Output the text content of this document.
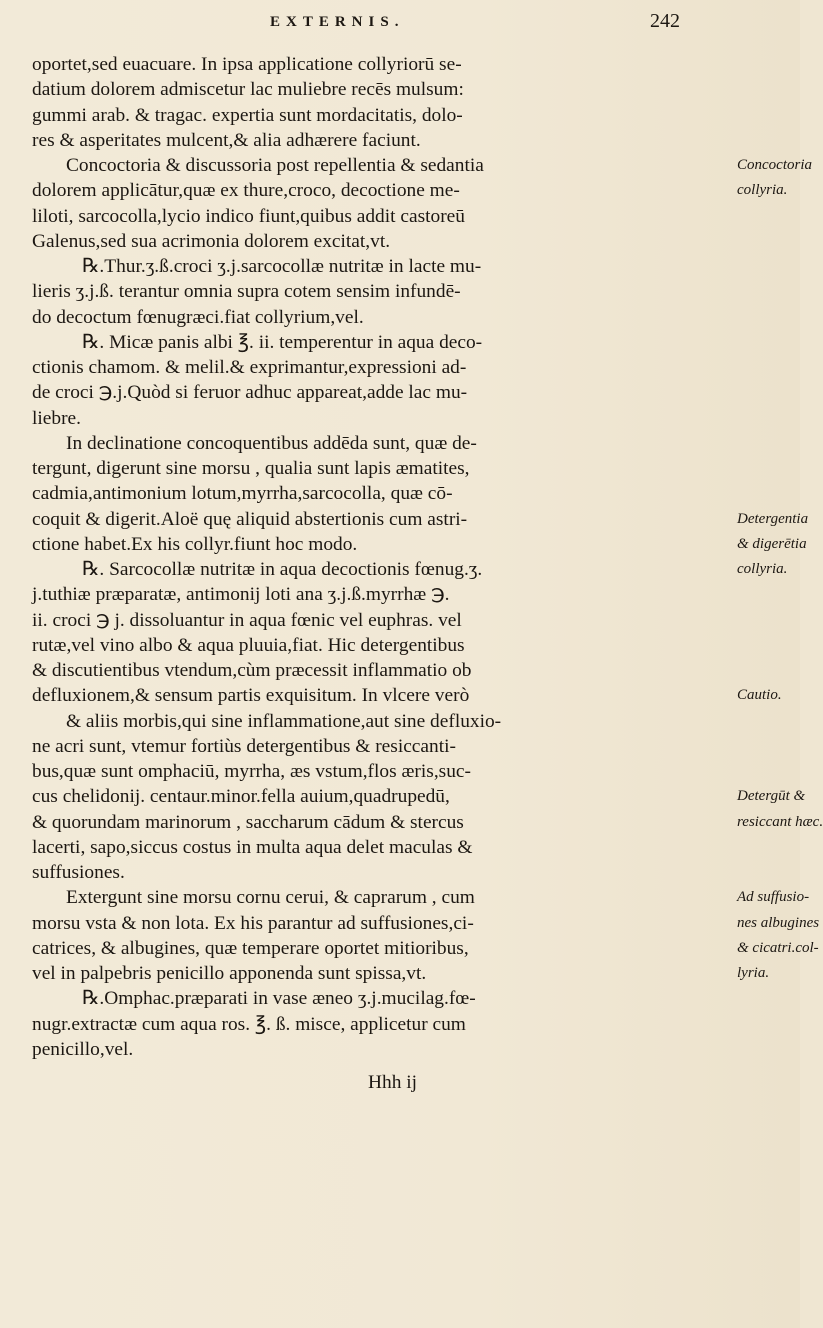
EXTERNIS.	242
oportet,sed euacuare. In ipsa applicatione collyriorū se-
datium dolorem admiscetur lac muliebre recēs mulsum:
gummi arab. & tragac. expertia sunt mordacitatis, dolo-
res & asperitates mulcent,& alia adhærere faciunt.
Concoctoria & discussoria post repellentia & sedantia
dolorem applicātur,quæ ex thure,croco, decoctione me-
liloti, sarcocolla,lycio indico fiunt,quibus addit castoreū
Galenus,sed sua acrimonia dolorem excitat,vt.
℞.Thur.ʒ.ß.croci ʒ.j.sarcocollæ nutritæ in lacte mu-
lieris ʒ.j.ß. terantur omnia supra cotem sensim infundē-
do decoctum fœnugræci.fiat collyrium,vel.
℞. Micæ panis albi ℥. ii. temperentur in aqua deco-
ctionis chamom. & melil.& exprimantur,expressioni ad-
de croci ℈.j.Quòd si feruor adhuc appareat,adde lac mu-
liebre.
In declinatione concoquentibus addēda sunt, quæ de-
tergunt, digerunt sine morsu , qualia sunt lapis æmatites,
cadmia,antimonium lotum,myrrha,sarcocolla, quæ cō-
coquit & digerit.Aloë quę aliquid abstertionis cum astri-
ctione habet.Ex his collyr.fiunt hoc modo.
℞. Sarcocollæ nutritæ in aqua decoctionis fœnug.ʒ.
j.tuthiæ præparatæ, antimonij loti ana ʒ.j.ß.myrrhæ ℈.
ii. croci ℈ j. dissoluantur in aqua fœnic vel euphras. vel
rutæ,vel vino albo & aqua pluuia,fiat. Hic detergentibus
& discutientibus vtendum,cùm præcessit inflammatio ob
defluxionem,& sensum partis exquisitum. In vlcere verò
& aliis morbis,qui sine inflammatione,aut sine defluxio-
ne acri sunt, vtemur fortiùs detergentibus & resiccanti-
bus,quæ sunt omphaciū, myrrha, æs vstum,flos æris,suc-
cus chelidonij. centaur.minor.fella auium,quadrupedū,
& quorundam marinorum , saccharum cādum & stercus
lacerti, sapo,siccus costus in multa aqua delet maculas &
suffusiones.
Extergunt sine morsu cornu cerui, & caprarum , cum
morsu vsta & non lota. Ex his parantur ad suffusiones,ci-
catrices, & albugines, quæ temperare oportet mitioribus,
vel in palpebris penicillo apponenda sunt spissa,vt.
℞.Omphac.præparati in vase æneo ʒ.j.mucilag.fœ-
nugr.extractæ cum aqua ros. ℥. ß. misce, applicetur cum
penicillo,vel.
Hhh ij
Concoctoria
collyria.
Detergentia
& digerētia
collyria.
Cautio.
Detergūt &
resiccant hæc.
Ad suffusio-
nes albugines
& cicatri.col-
lyria.
